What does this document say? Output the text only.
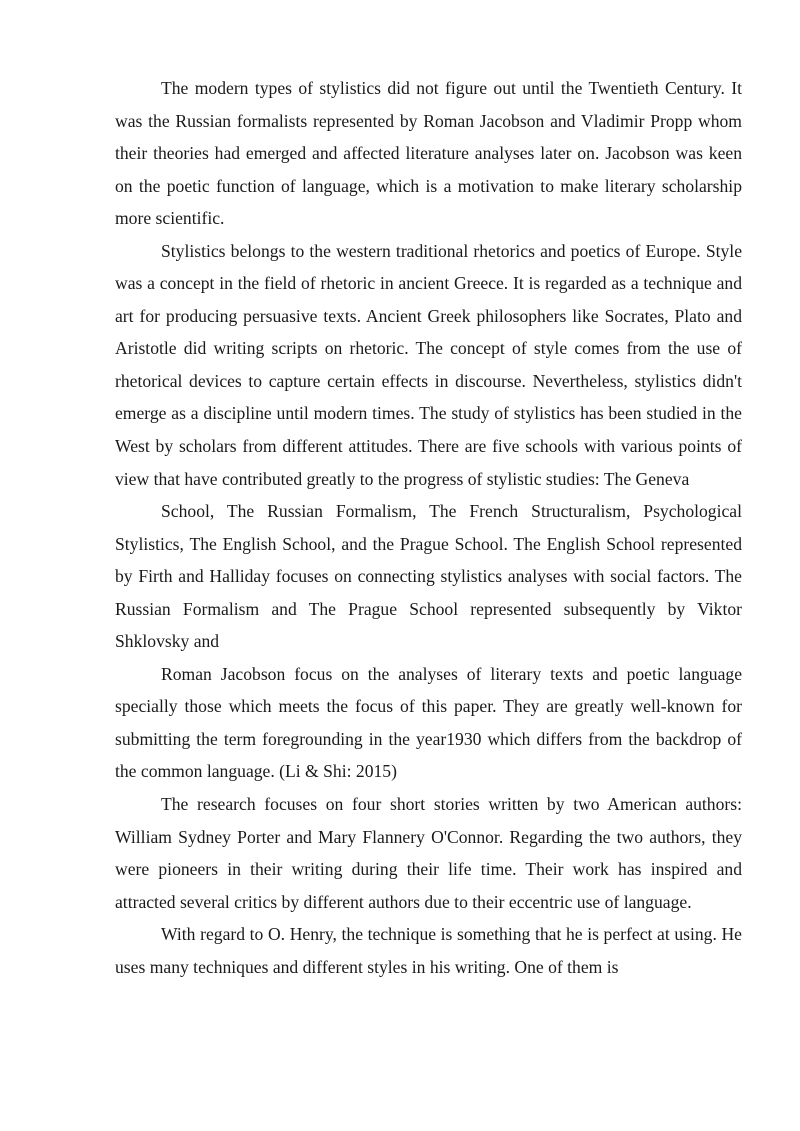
The modern types of stylistics did not figure out until the Twentieth Century. It was the Russian formalists represented by Roman Jacobson and Vladimir Propp whom their theories had emerged and affected literature analyses later on. Jacobson was keen on the poetic function of language, which is a motivation to make literary scholarship more scientific.

Stylistics belongs to the western traditional rhetorics and poetics of Europe. Style was a concept in the field of rhetoric in ancient Greece. It is regarded as a technique and art for producing persuasive texts. Ancient Greek philosophers like Socrates, Plato and Aristotle did writing scripts on rhetoric. The concept of style comes from the use of rhetorical devices to capture certain effects in discourse. Nevertheless, stylistics didn't emerge as a discipline until modern times. The study of stylistics has been studied in the West by scholars from different attitudes. There are five schools with various points of view that have contributed greatly to the progress of stylistic studies: The Geneva

School, The Russian Formalism, The French Structuralism, Psychological Stylistics, The English School, and the Prague School. The English School represented by Firth and Halliday focuses on connecting stylistics analyses with social factors. The Russian Formalism and The Prague School represented subsequently by Viktor Shklovsky and

Roman Jacobson focus on the analyses of literary texts and poetic language specially those which meets the focus of this paper. They are greatly well-known for submitting the term foregrounding in the year1930 which differs from the backdrop of the common language. (Li & Shi: 2015)

The research focuses on four short stories written by two American authors: William Sydney Porter and Mary Flannery O'Connor. Regarding the two authors, they were pioneers in their writing during their life time. Their work has inspired and attracted several critics by different authors due to their eccentric use of language.

With regard to O. Henry, the technique is something that he is perfect at using. He uses many techniques and different styles in his writing. One of them is
